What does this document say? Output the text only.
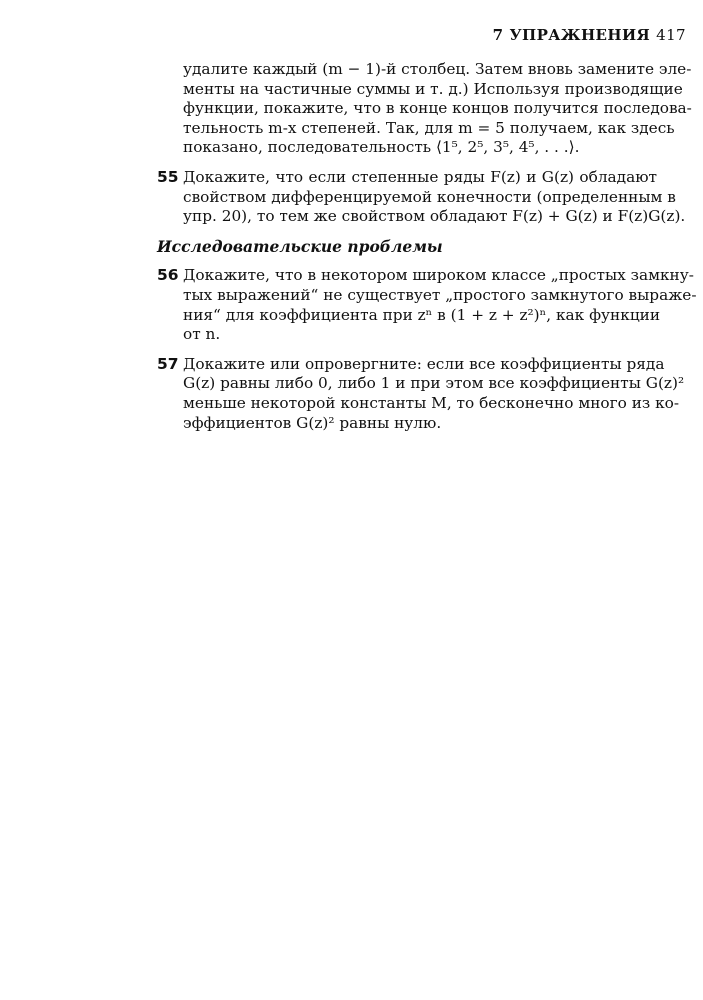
7 УПРАЖНЕНИЯ 417
удалите каждый (m − 1)-й столбец. Затем вновь замените эле-
менты на частичные суммы и т. д.) Используя производящие
функции, покажите, что в конце концов получится последова-
тельность m-х степеней. Так, для m = 5 получаем, как здесь
показано, последовательность ⟨1⁵, 2⁵, 3⁵, 4⁵, . . .⟩.
55 Докажите, что если степенные ряды F(z) и G(z) обладают
свойством дифференцируемой конечности (определенным в
упр. 20), то тем же свойством обладают F(z) + G(z) и F(z)G(z).
Исследовательские проблемы
56 Докажите, что в некотором широком классе „простых замкну-
тых выражений“ не существует „простого замкнутого выраже-
ния“ для коэффициента при zⁿ в (1 + z + z²)ⁿ, как функции
от n.
57 Докажите или опровергните: если все коэффициенты ряда
G(z) равны либо 0, либо 1 и при этом все коэффициенты G(z)²
меньше некоторой константы M, то бесконечно много из ко-
эффициентов G(z)² равны нулю.
